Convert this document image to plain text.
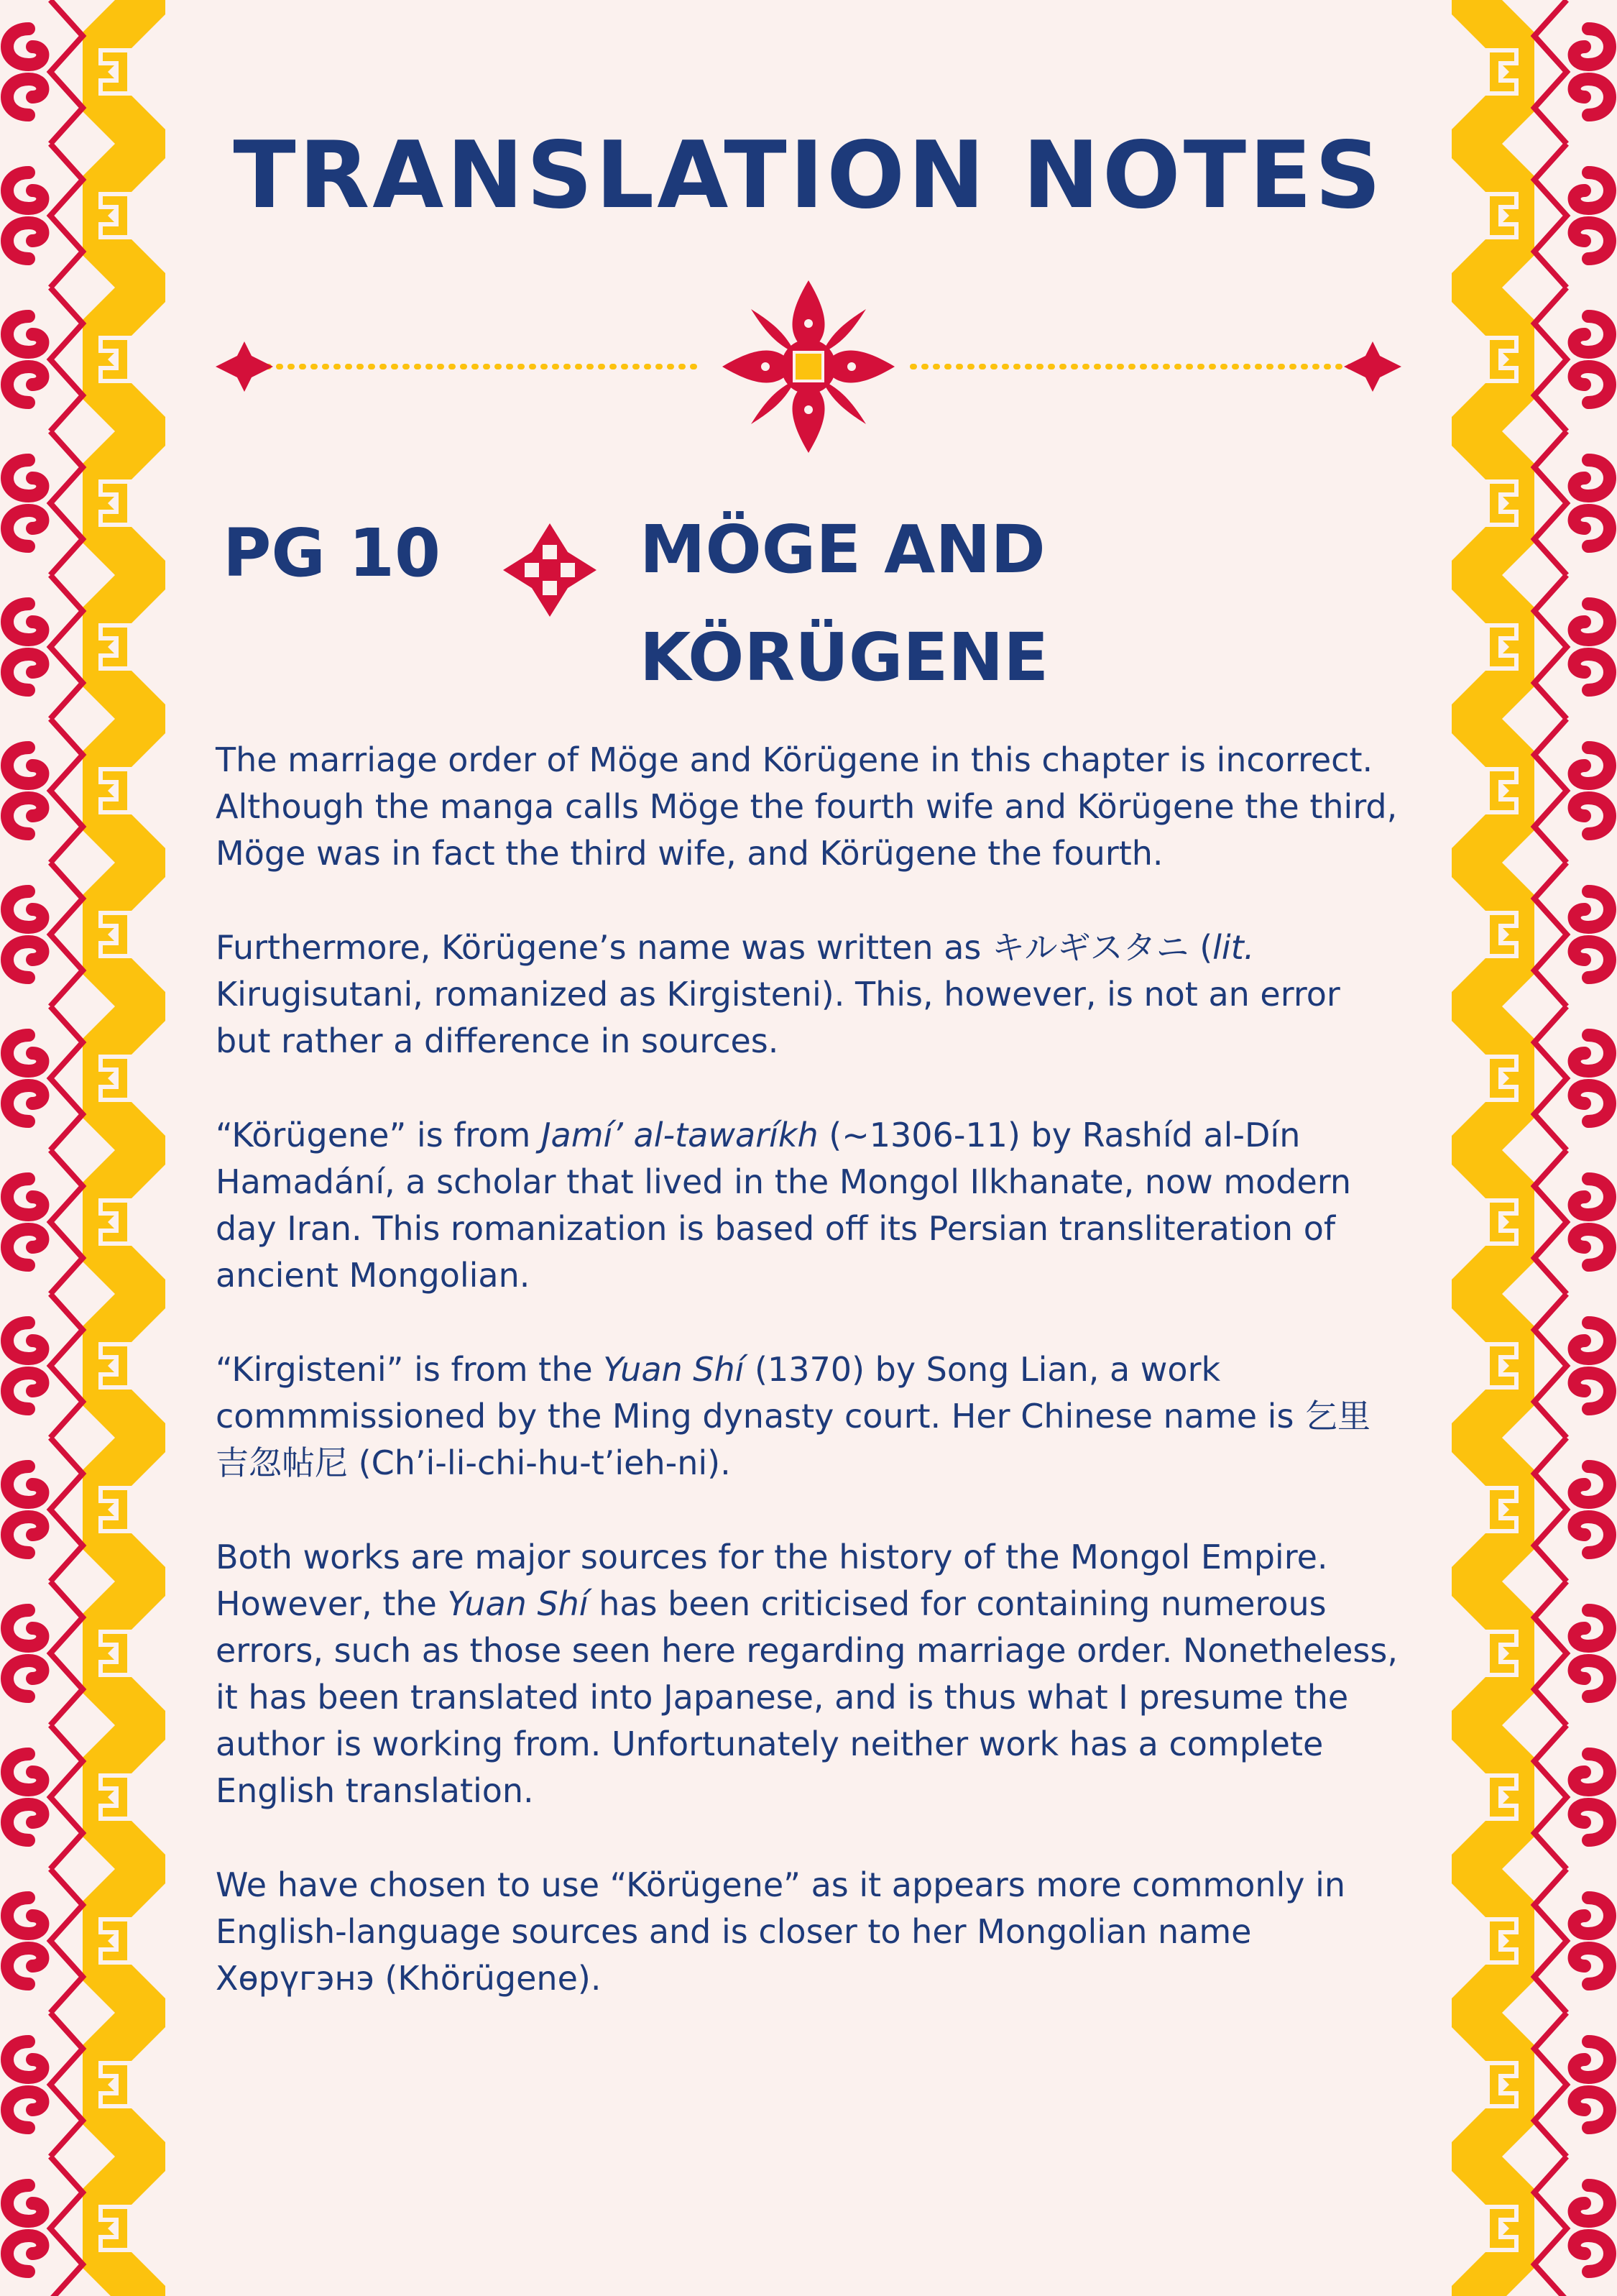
TRANSLATION NOTES
PG 10	MÖGE AND KÖRÜGENE

The marriage order of Möge and Körügene in this chapter is incorrect. Although the manga calls Möge the fourth wife and Körügene the third, Möge was in fact the third wife, and Körügene the fourth.

Furthermore, Körügene’s name was written as キルギスタニ (lit. Kirugisutani, romanized as Kirgisteni). This, however, is not an error but rather a difference in sources.

“Körügene” is from Jamí’ al-tawaríkh (~1306-11) by Rashíd al-Dín Hamadání, a scholar that lived in the Mongol Ilkhanate, now modern day Iran. This romanization is based off its Persian transliteration of ancient Mongolian.

“Kirgisteni” is from the Yuan Shí (1370) by Song Lian, a work commmissioned by the Ming dynasty court. Her Chinese name is 乞里吉忽帖尼 (Ch’i-li-chi-hu-t’ieh-ni).

Both works are major sources for the history of the Mongol Empire. However, the Yuan Shí has been criticised for containing numerous errors, such as those seen here regarding marriage order. Nonetheless, it has been translated into Japanese, and is thus what I presume the author is working from. Unfortunately neither work has a complete English translation.

We have chosen to use “Körügene” as it appears more commonly in English-language sources and is closer to her Mongolian name Хөрүгэнэ (Khörügene).
